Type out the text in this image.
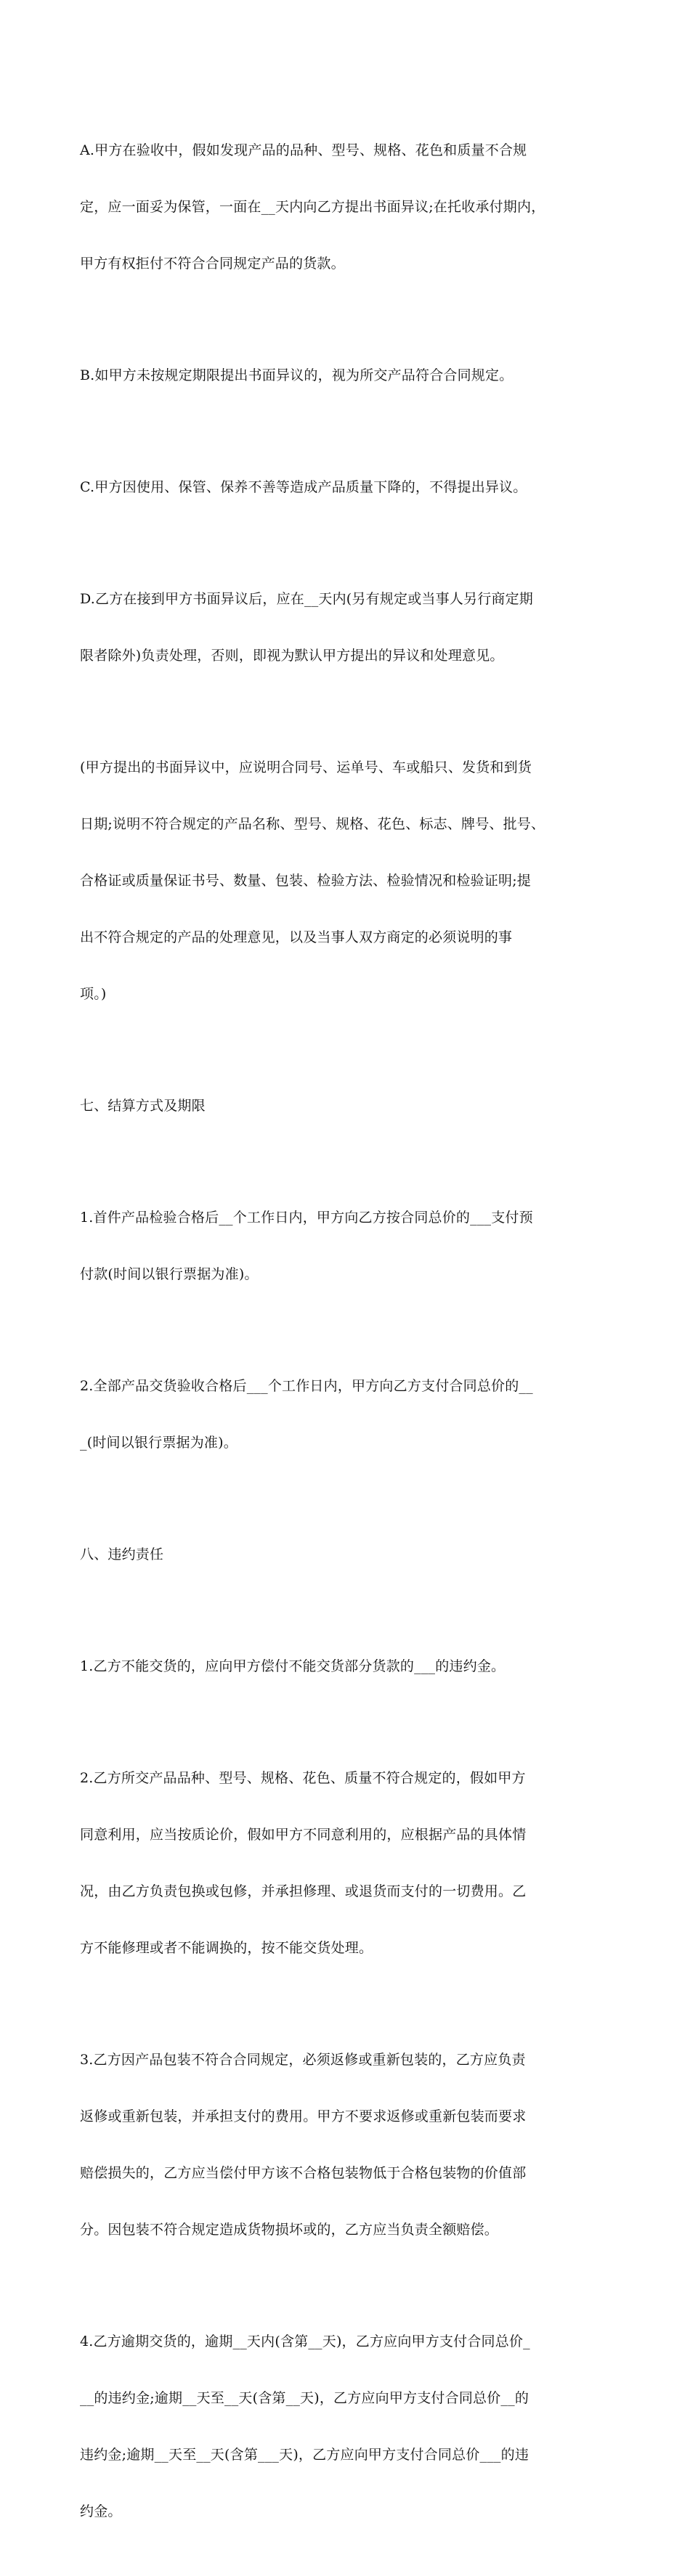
A.甲方在验收中，假如发现产品的品种、型号、规格、花色和质量不合规

定，应一面妥为保管，一面在__天内向乙方提出书面异议;在托收承付期内，

甲方有权拒付不符合合同规定产品的货款。

B.如甲方未按规定期限提出书面异议的，视为所交产品符合合同规定。

C.甲方因使用、保管、保养不善等造成产品质量下降的，不得提出异议。

D.乙方在接到甲方书面异议后，应在__天内(另有规定或当事人另行商定期

限者除外)负责处理，否则，即视为默认甲方提出的异议和处理意见。

(甲方提出的书面异议中，应说明合同号、运单号、车或船只、发货和到货

日期;说明不符合规定的产品名称、型号、规格、花色、标志、牌号、批号、

合格证或质量保证书号、数量、包装、检验方法、检验情况和检验证明;提

出不符合规定的产品的处理意见，以及当事人双方商定的必须说明的事

项。)

七、结算方式及期限

1.首件产品检验合格后__个工作日内，甲方向乙方按合同总价的___支付预

付款(时间以银行票据为准)。

2.全部产品交货验收合格后___个工作日内，甲方向乙方支付合同总价的__

_(时间以银行票据为准)。

八、违约责任

1.乙方不能交货的，应向甲方偿付不能交货部分货款的___的违约金。

2.乙方所交产品品种、型号、规格、花色、质量不符合规定的，假如甲方

同意利用，应当按质论价，假如甲方不同意利用的，应根据产品的具体情

况，由乙方负责包换或包修，并承担修理、或退货而支付的一切费用。乙

方不能修理或者不能调换的，按不能交货处理。

3.乙方因产品包装不符合合同规定，必须返修或重新包装的，乙方应负责

返修或重新包装，并承担支付的费用。甲方不要求返修或重新包装而要求

赔偿损失的，乙方应当偿付甲方该不合格包装物低于合格包装物的价值部

分。因包装不符合规定造成货物损坏或的，乙方应当负责全额赔偿。

4.乙方逾期交货的，逾期__天内(含第__天)，乙方应向甲方支付合同总价_

__的违约金;逾期__天至__天(含第__天)，乙方应向甲方支付合同总价__的

违约金;逾期__天至__天(含第___天)，乙方应向甲方支付合同总价___的违

约金。
